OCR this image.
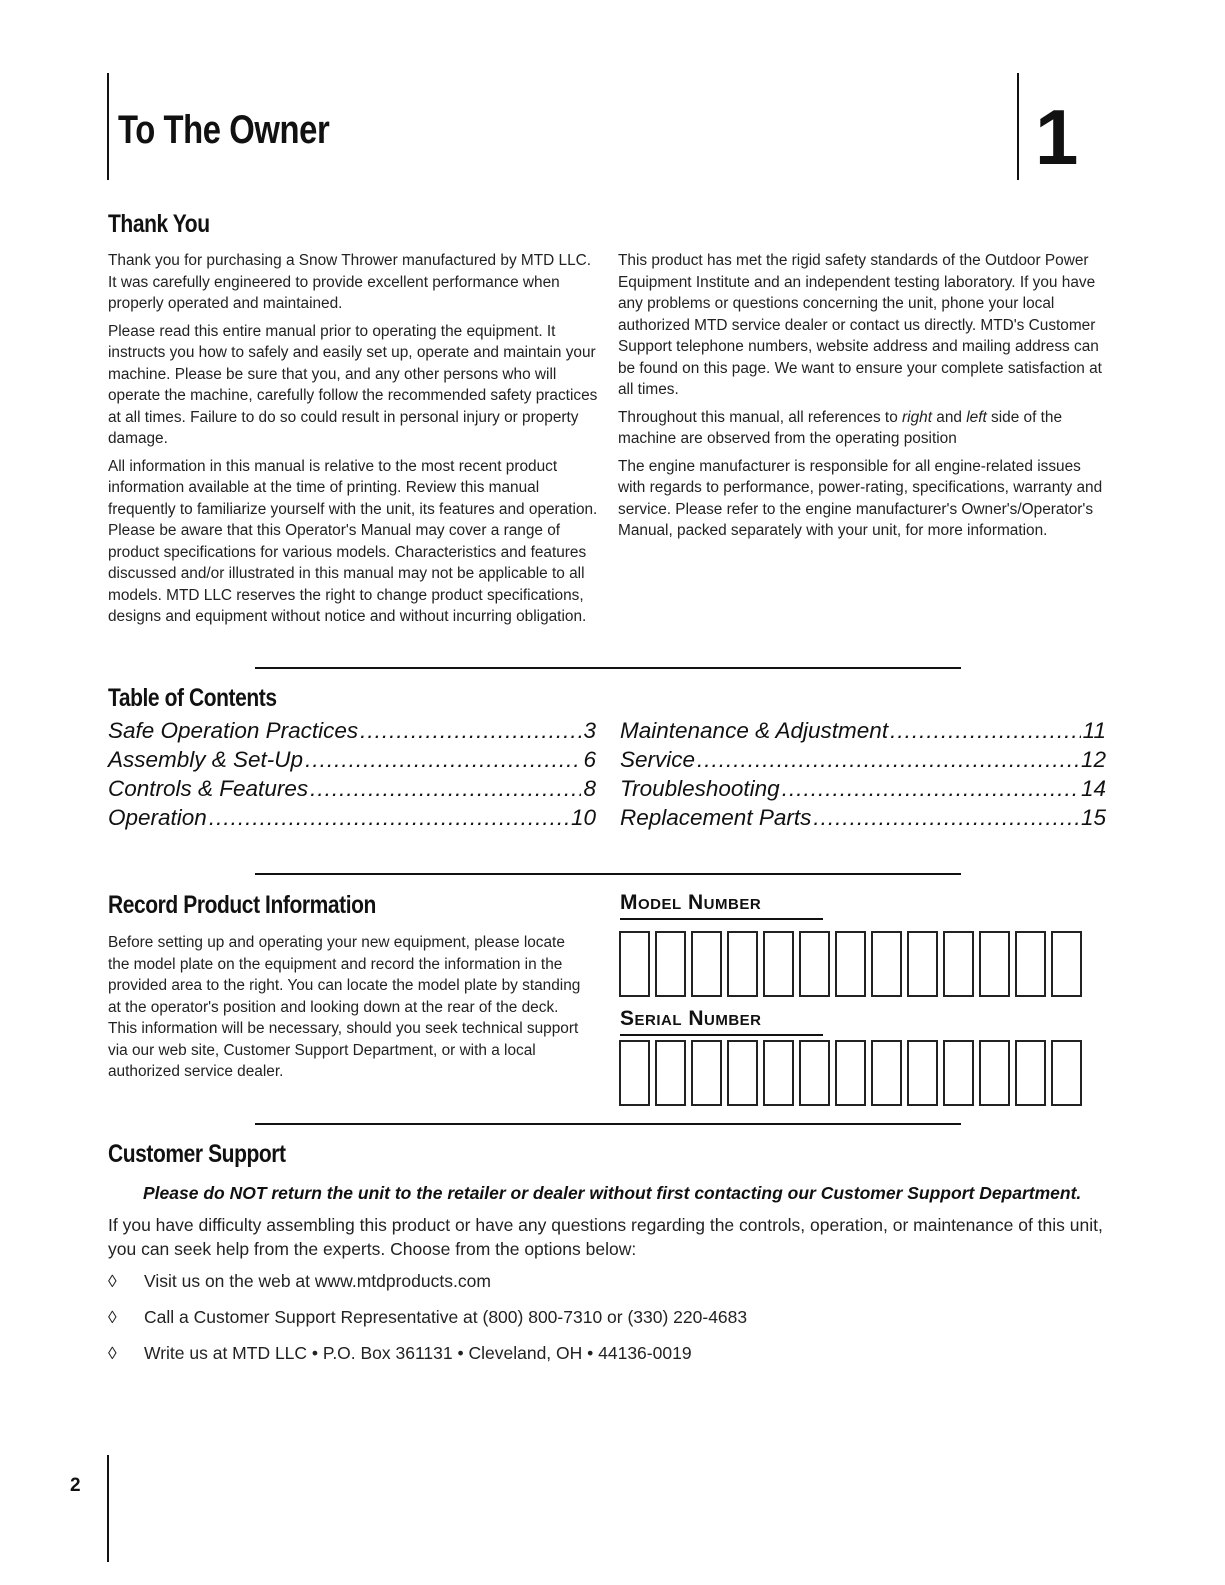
To The Owner	1
Thank You

Thank you for purchasing a Snow Thrower manufactured by MTD LLC. It was carefully engineered to provide excellent performance when properly operated and maintained.

Please read this entire manual prior to operating the equipment. It instructs you how to safely and easily set up, operate and maintain your machine. Please be sure that you, and any other persons who will operate the machine, carefully follow the recommended safety practices at all times. Failure to do so could result in personal injury or property damage.

All information in this manual is relative to the most recent product information available at the time of printing. Review this manual frequently to familiarize yourself with the unit, its features and operation. Please be aware that this Operator's Manual may cover a range of product specifications for various models. Characteristics and features discussed and/or illustrated in this manual may not be applicable to all models. MTD LLC reserves the right to change product specifications, designs and equipment without notice and without incurring obligation.

This product has met the rigid safety standards of the Outdoor Power Equipment Institute and an independent testing laboratory. If you have any problems or questions concerning the unit, phone your local authorized MTD service dealer or contact us directly. MTD's Customer Support telephone numbers, website address and mailing address can be found on this page. We want to ensure your complete satisfaction at all times.

Throughout this manual, all references to right and left side of the machine are observed from the operating position

The engine manufacturer is responsible for all engine-related issues with regards to performance, power-rating, specifications, warranty and service. Please refer to the engine manufacturer's Owner's/Operator's Manual, packed separately with your unit, for more information.

Table of Contents
Safe Operation Practices .....	3
Assembly & Set-Up .....	6
Controls & Features .....	8
Operation .....	10
Maintenance & Adjustment .....	11
Service .....	12
Troubleshooting .....	14
Replacement Parts .....	15
Record Product Information
Before setting up and operating your new equipment, please locate the model plate on the equipment and record the information in the provided area to the right. You can locate the model plate by standing at the operator's position and looking down at the rear of the deck. This information will be necessary, should you seek technical support via our web site, Customer Support Department, or with a local authorized service dealer.
Model Number
Serial Number
Customer Support
Please do NOT return the unit to the retailer or dealer without first contacting our Customer Support Department.
If you have difficulty assembling this product or have any questions regarding the controls, operation, or maintenance of this unit, you can seek help from the experts. Choose from the options below:
◊	Visit us on the web at www.mtdproducts.com
◊	Call a Customer Support Representative at (800) 800-7310 or (330) 220-4683
◊	Write us at MTD LLC • P.O. Box 361131 • Cleveland, OH • 44136-0019
2
